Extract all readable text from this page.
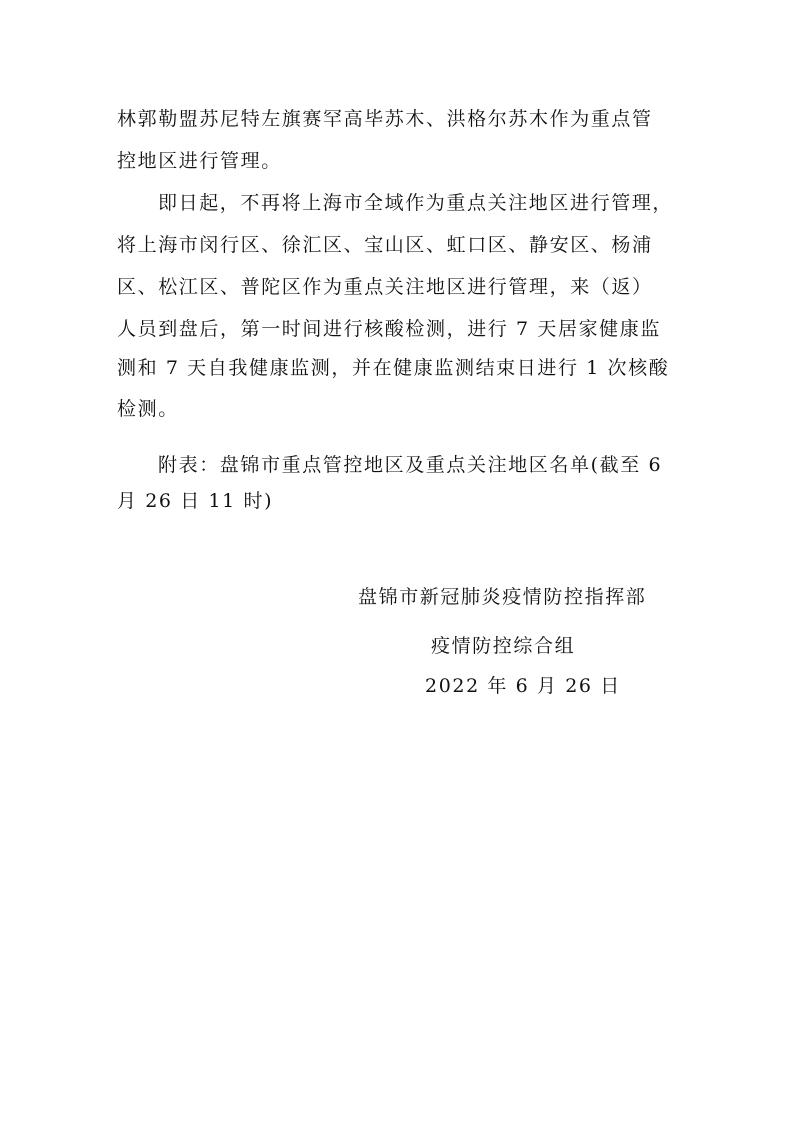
林郭勒盟苏尼特左旗赛罕高毕苏木、洪格尔苏木作为重点管
控地区进行管理。
即日起，不再将上海市全域作为重点关注地区进行管理，
将上海市闵行区、徐汇区、宝山区、虹口区、静安区、杨浦
区、松江区、普陀区作为重点关注地区进行管理，来（返）
人员到盘后，第一时间进行核酸检测，进行 7 天居家健康监
测和 7 天自我健康监测，并在健康监测结束日进行 1 次核酸
检测。
附表：盘锦市重点管控地区及重点关注地区名单(截至 6
月 26 日 11 时)
盘锦市新冠肺炎疫情防控指挥部
疫情防控综合组
2022 年 6 月 26 日
